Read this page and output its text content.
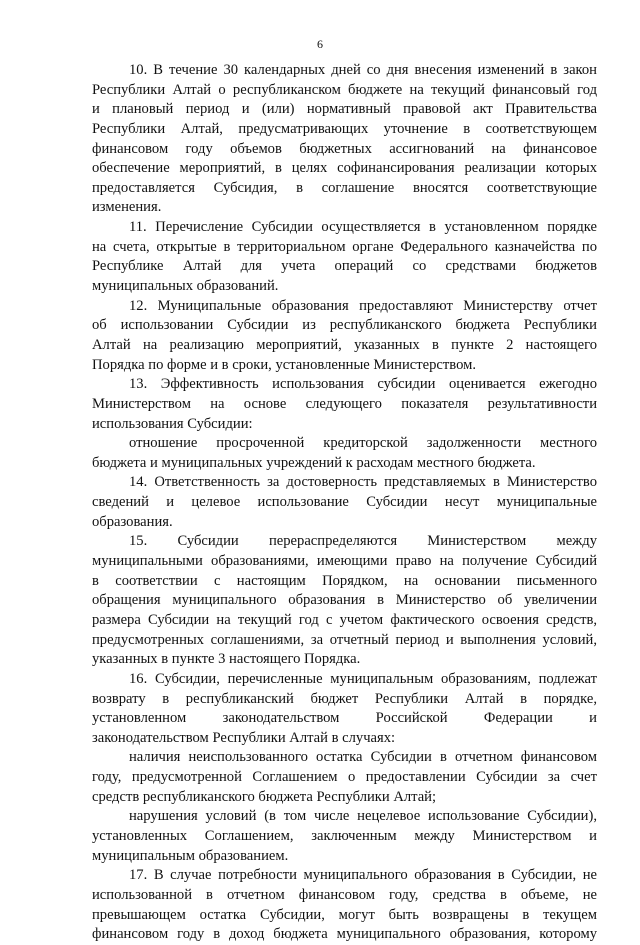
6
10. В течение 30 календарных дней со дня внесения изменений в закон
Республики Алтай о республиканском бюджете на текущий финансовый год
и плановый период и (или) нормативный правовой акт Правительства
Республики Алтай, предусматривающих уточнение в соответствующем
финансовом году объемов бюджетных ассигнований на финансовое
обеспечение мероприятий, в целях софинансирования реализации которых
предоставляется Субсидия, в соглашение вносятся соответствующие
изменения.
11. Перечисление Субсидии осуществляется в установленном порядке
на счета, открытые в территориальном органе Федерального казначейства по
Республике Алтай для учета операций со средствами бюджетов
муниципальных образований.
12. Муниципальные образования предоставляют Министерству отчет
об использовании Субсидии из республиканского бюджета Республики
Алтай на реализацию мероприятий, указанных в пункте 2 настоящего
Порядка по форме и в сроки, установленные Министерством.
13. Эффективность использования субсидии оценивается ежегодно
Министерством на основе следующего показателя результативности
использования Субсидии:
отношение просроченной кредиторской задолженности местного
бюджета и муниципальных учреждений к расходам местного бюджета.
14. Ответственность за достоверность представляемых в Министерство
сведений и целевое использование Субсидии несут муниципальные
образования.
15. Субсидии перераспределяются Министерством между
муниципальными образованиями, имеющими право на получение Субсидий
в соответствии с настоящим Порядком, на основании письменного
обращения муниципального образования в Министерство об увеличении
размера Субсидии на текущий год с учетом фактического освоения средств,
предусмотренных соглашениями, за отчетный период и выполнения условий,
указанных в пункте 3 настоящего Порядка.
16. Субсидии, перечисленные муниципальным образованиям, подлежат
возврату в республиканский бюджет Республики Алтай в порядке,
установленном законодательством Российской Федерации и
законодательством Республики Алтай в случаях:
наличия неиспользованного остатка Субсидии в отчетном финансовом
году, предусмотренной Соглашением о предоставлении Субсидии за счет
средств республиканского бюджета Республики Алтай;
нарушения условий (в том числе нецелевое использование Субсидии),
установленных Соглашением, заключенным между Министерством и
муниципальным образованием.
17. В случае потребности муниципального образования в Субсидии, не
использованной в отчетном финансовом году, средства в объеме, не
превышающем остатка Субсидии, могут быть возвращены в текущем
финансовом году в доход бюджета муниципального образования, которому
